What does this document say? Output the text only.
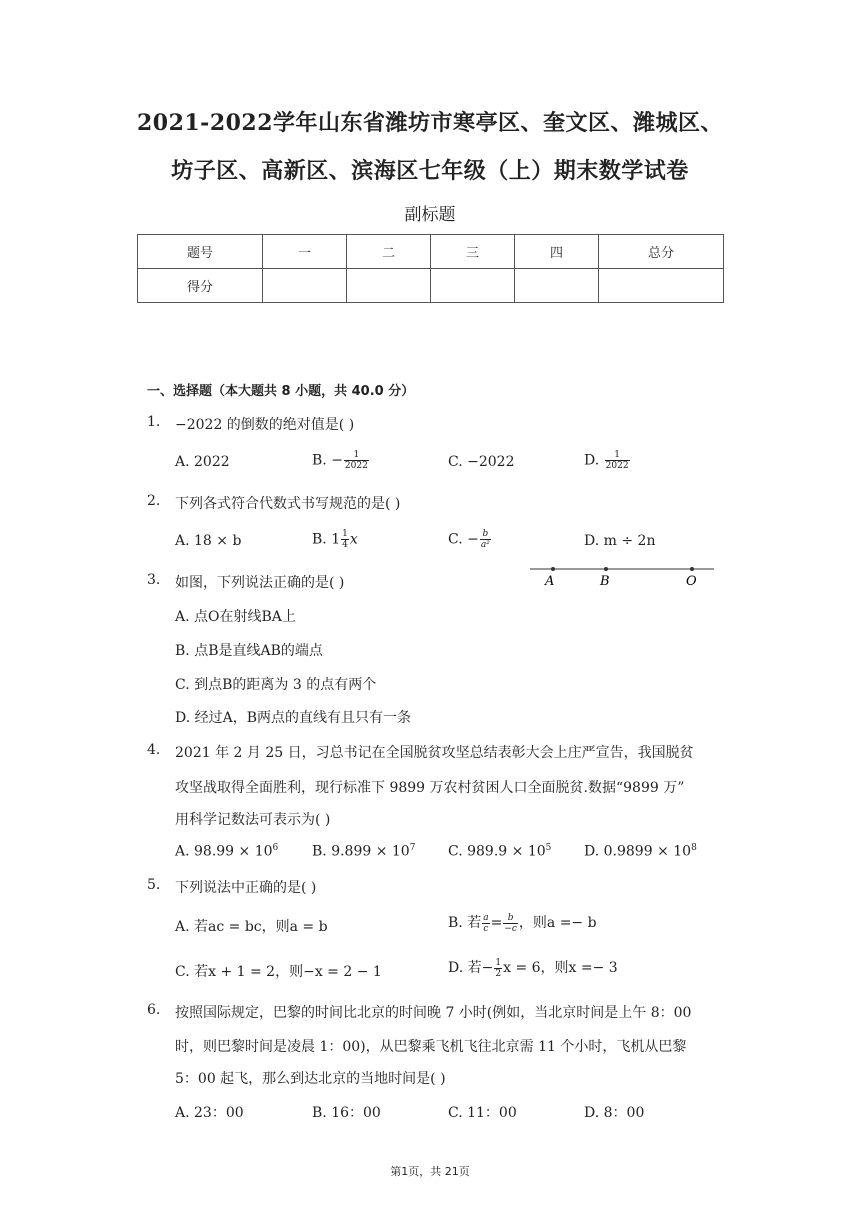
2021-2022学年山东省潍坊市寒亭区、奎文区、潍城区、
坊子区、高新区、滨海区七年级（上）期末数学试卷
副标题
题号	一	二	三	四	总分
得分					
一、选择题（本大题共 8 小题，共 40.0 分）
1. −2022 的倒数的绝对值是( )
A. 2022	B. − $\frac{1}{2022}$	C. −2022	D. $\frac{1}{2022}$
2. 下列各式符合代数式书写规范的是( )
A. 18 × b	B. $1 \frac{1}{4}$ x	C. − $\frac{b}{\text{a²}}$	D. m ÷ 2n
3. 如图，下列说法正确的是( )	A	B	O
A. 点O在射线BA上
B. 点B是直线AB的端点
C. 到点B的距离为 3 的点有两个
D. 经过A，B两点的直线有且只有一条
4. 2021 年 2 月 25 日，习总书记在全国脱贫攻坚总结表彰大会上庄严宣告，我国脱贫
攻坚战取得全面胜利，现行标准下 9899 万农村贫困人口全面脱贫.数据“9899 万”
用科学记数法可表示为( )
A. $98.99 \times 10^6$ B. $9.899 \times 10^7$ C. $989.9 \times 10^5$ D. $0.9899 \times 10^8$
5. 下列说法中正确的是( )
A. 若ac = bc，则a = b	B. 若 $\frac{a}{c} = \frac{b}{-c}$ ，则a =− b
C. 若x + 1 = 2，则−x = 2 − 1	D. 若− $\frac{1}{2}$ x = 6，则x =− 3
6. 按照国际规定，巴黎的时间比北京的时间晚 7 小时(例如，当北京时间是上午 8：00
时，则巴黎时间是凌晨 1：00)，从巴黎乘飞机飞往北京需 11 个小时，飞机从巴黎
5：00 起飞，那么到达北京的当地时间是( )
A. 23：00	B. 16：00	C. 11：00	D. 8：00
第1页，共 21页
